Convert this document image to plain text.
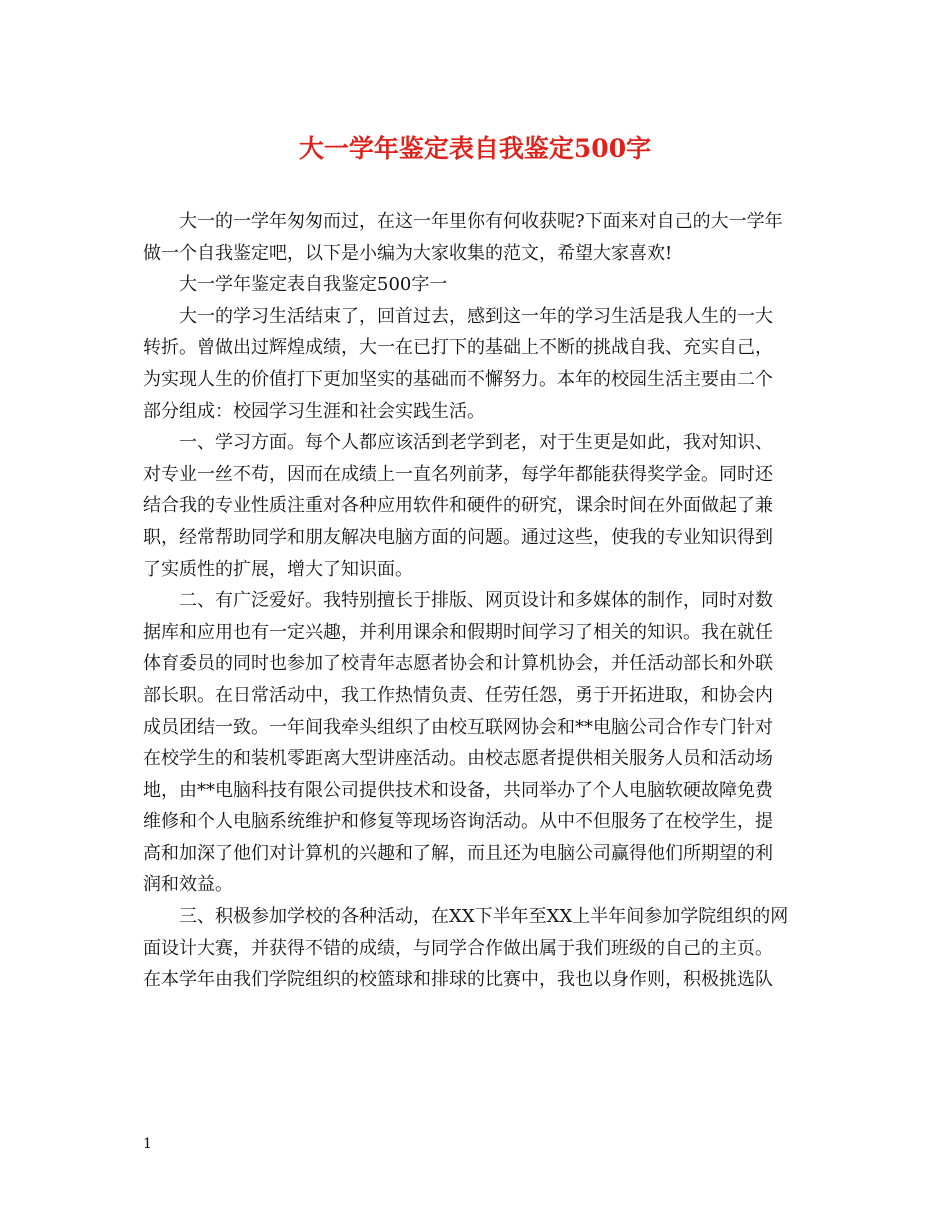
大一学年鉴定表自我鉴定500字

大一的一学年匆匆而过，在这一年里你有何收获呢?下面来对自己的大一学年

做一个自我鉴定吧，以下是小编为大家收集的范文，希望大家喜欢!

大一学年鉴定表自我鉴定500字一

大一的学习生活结束了，回首过去，感到这一年的学习生活是我人生的一大

转折。曾做出过辉煌成绩，大一在已打下的基础上不断的挑战自我、充实自己，

为实现人生的价值打下更加坚实的基础而不懈努力。本年的校园生活主要由二个

部分组成：校园学习生涯和社会实践生活。

一、学习方面。每个人都应该活到老学到老，对于生更是如此，我对知识、

对专业一丝不苟，因而在成绩上一直名列前茅，每学年都能获得奖学金。同时还

结合我的专业性质注重对各种应用软件和硬件的研究，课余时间在外面做起了兼

职，经常帮助同学和朋友解决电脑方面的问题。通过这些，使我的专业知识得到

了实质性的扩展，增大了知识面。

二、有广泛爱好。我特别擅长于排版、网页设计和多媒体的制作，同时对数

据库和应用也有一定兴趣，并利用课余和假期时间学习了相关的知识。我在就任

体育委员的同时也参加了校青年志愿者协会和计算机协会，并任活动部长和外联

部长职。在日常活动中，我工作热情负责、任劳任怨，勇于开拓进取，和协会内

成员团结一致。一年间我牵头组织了由校互联网协会和**电脑公司合作专门针对

在校学生的和装机零距离大型讲座活动。由校志愿者提供相关服务人员和活动场

地，由**电脑科技有限公司提供技术和设备，共同举办了个人电脑软硬故障免费

维修和个人电脑系统维护和修复等现场咨询活动。从中不但服务了在校学生，提

高和加深了他们对计算机的兴趣和了解，而且还为电脑公司赢得他们所期望的利

润和效益。

三、积极参加学校的各种活动，在XX下半年至XX上半年间参加学院组织的网

面设计大赛，并获得不错的成绩，与同学合作做出属于我们班级的自己的主页。

在本学年由我们学院组织的校篮球和排球的比赛中，我也以身作则，积极挑选队

1
